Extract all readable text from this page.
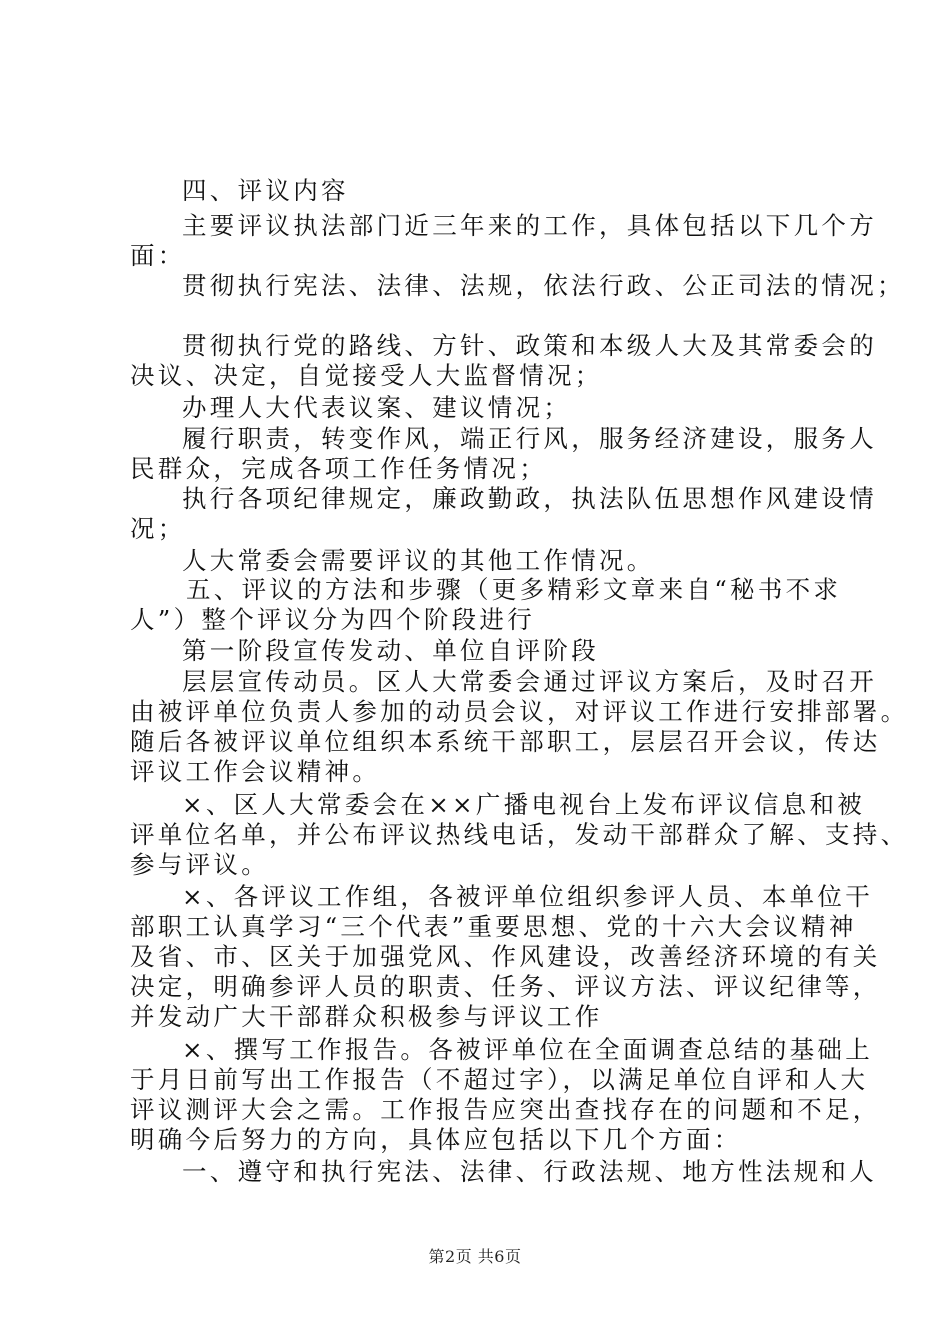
四、评议内容
主要评议执法部门近三年来的工作，具体包括以下几个方
面：
贯彻执行宪法、法律、法规，依法行政、公正司法的情况；
贯彻执行党的路线、方针、政策和本级人大及其常委会的
决议、决定，自觉接受人大监督情况；
办理人大代表议案、建议情况；
履行职责，转变作风，端正行风，服务经济建设，服务人
民群众，完成各项工作任务情况；
执行各项纪律规定，廉政勤政，执法队伍思想作风建设情
况；
人大常委会需要评议的其他工作情况。
五、评议的方法和步骤（更多精彩文章来自“秘书不求
人”）整个评议分为四个阶段进行
第一阶段宣传发动、单位自评阶段
层层宣传动员。区人大常委会通过评议方案后，及时召开
由被评单位负责人参加的动员会议，对评议工作进行安排部署。
随后各被评议单位组织本系统干部职工，层层召开会议，传达
评议工作会议精神。
×、区人大常委会在××广播电视台上发布评议信息和被
评单位名单，并公布评议热线电话，发动干部群众了解、支持、
参与评议。
×、各评议工作组，各被评单位组织参评人员、本单位干
部职工认真学习“三个代表”重要思想、党的十六大会议精神
及省、市、区关于加强党风、作风建设，改善经济环境的有关
决定，明确参评人员的职责、任务、评议方法、评议纪律等，
并发动广大干部群众积极参与评议工作
×、撰写工作报告。各被评单位在全面调查总结的基础上
于月日前写出工作报告（不超过字），以满足单位自评和人大
评议测评大会之需。工作报告应突出查找存在的问题和不足，
明确今后努力的方向，具体应包括以下几个方面：
一、遵守和执行宪法、法律、行政法规、地方性法规和人
第2页 共6页
